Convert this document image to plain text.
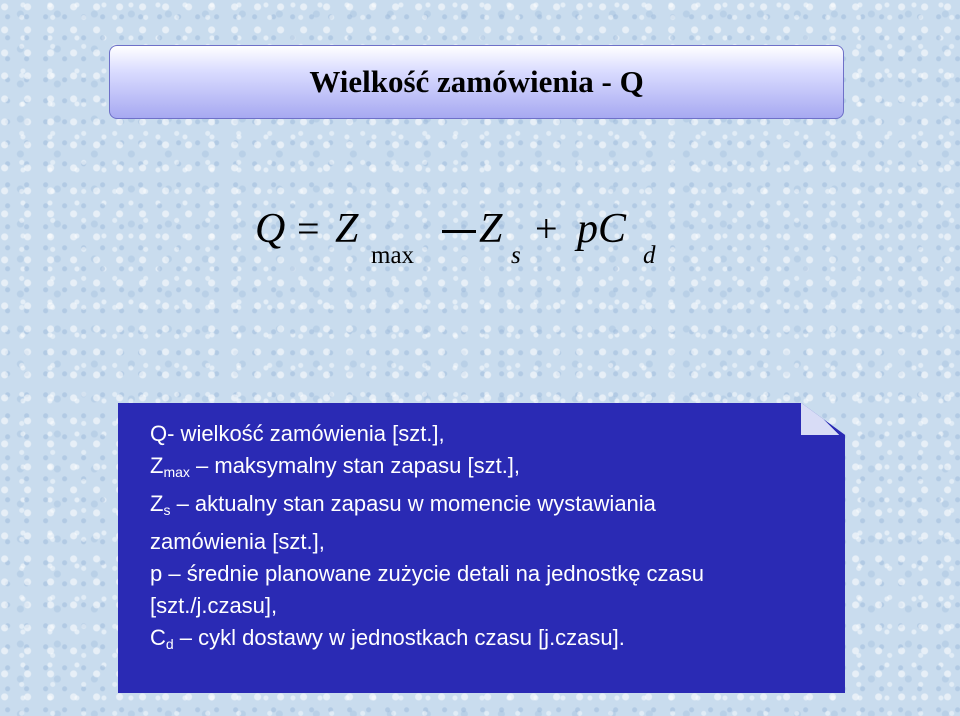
Wielkość zamówienia - Q
Q = Z
max
Z
s
+ pC
d
Q- wielkość zamówienia [szt.],
$Z_{max}$ – maksymalny stan zapasu [szt.],
$Z_s$ – aktualny stan zapasu w momencie wystawiania
zamówienia [szt.],
p – średnie planowane zużycie detali na jednostkę czasu
[szt./j.czasu],
$C_d$ – cykl dostawy w jednostkach czasu [j.czasu].
